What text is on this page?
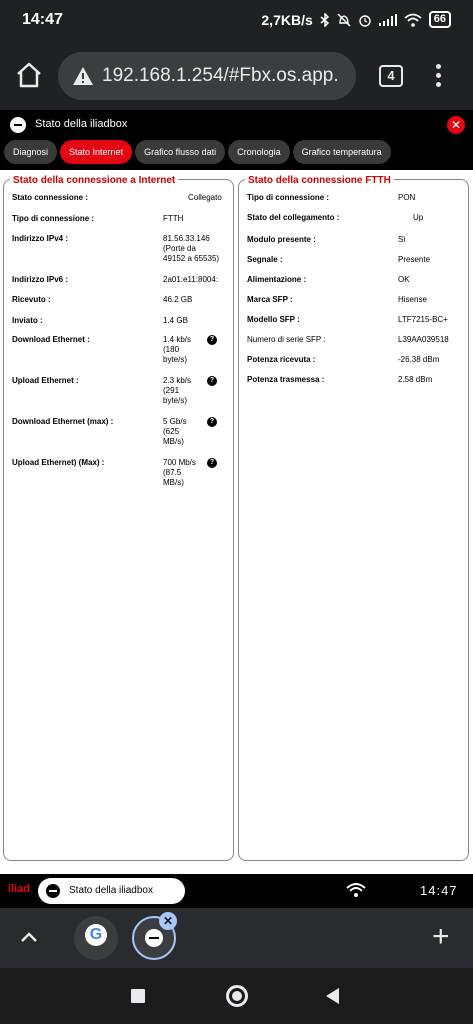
14:47	2,7KB/s	66
192.168.1.254/#Fbx.os.app.	4
Stato della iliadbox	✕
Diagnosi	Stato Internet	Grafico flusso dati	Cronologia	Grafico temperatura
Stato della connessione a Internet
Stato connessione :	Collegato
Tipo di connessione :	FTTH
Indirizzo IPv4 :	81.56.33.146
(Porte da
49152 a 65535)
Indirizzo IPv6 :	2a01:e11:8004:
Ricevuto :	46.2 GB
Inviato :	1.4 GB
Download Ethernet :	1.4 kb/s
(180
byte/s)
?
Upload Ethernet :	2.3 kb/s
(291
byte/s)
?
Download Ethernet (max) :	5 Gb/s
(625
MB/s)
?
Upload Ethernet) (Max) :	700 Mb/s
(87.5
MB/s)
?
Stato della connessione FTTH
Tipo di connessione :	PON
Stato del collegamento :	Up
Modulo presente :	Sì
Segnale :	Presente
Alimentazione :	OK
Marca SFP :	Hisense
Modello SFP :	LTF7215-BC+
Numero di serie SFP :	L39AA039518
Potenza ricevuta :	-26.38 dBm
Potenza trasmessa :	2.58 dBm
iliad	Stato della iliadbox	14:47
G
✕	+
